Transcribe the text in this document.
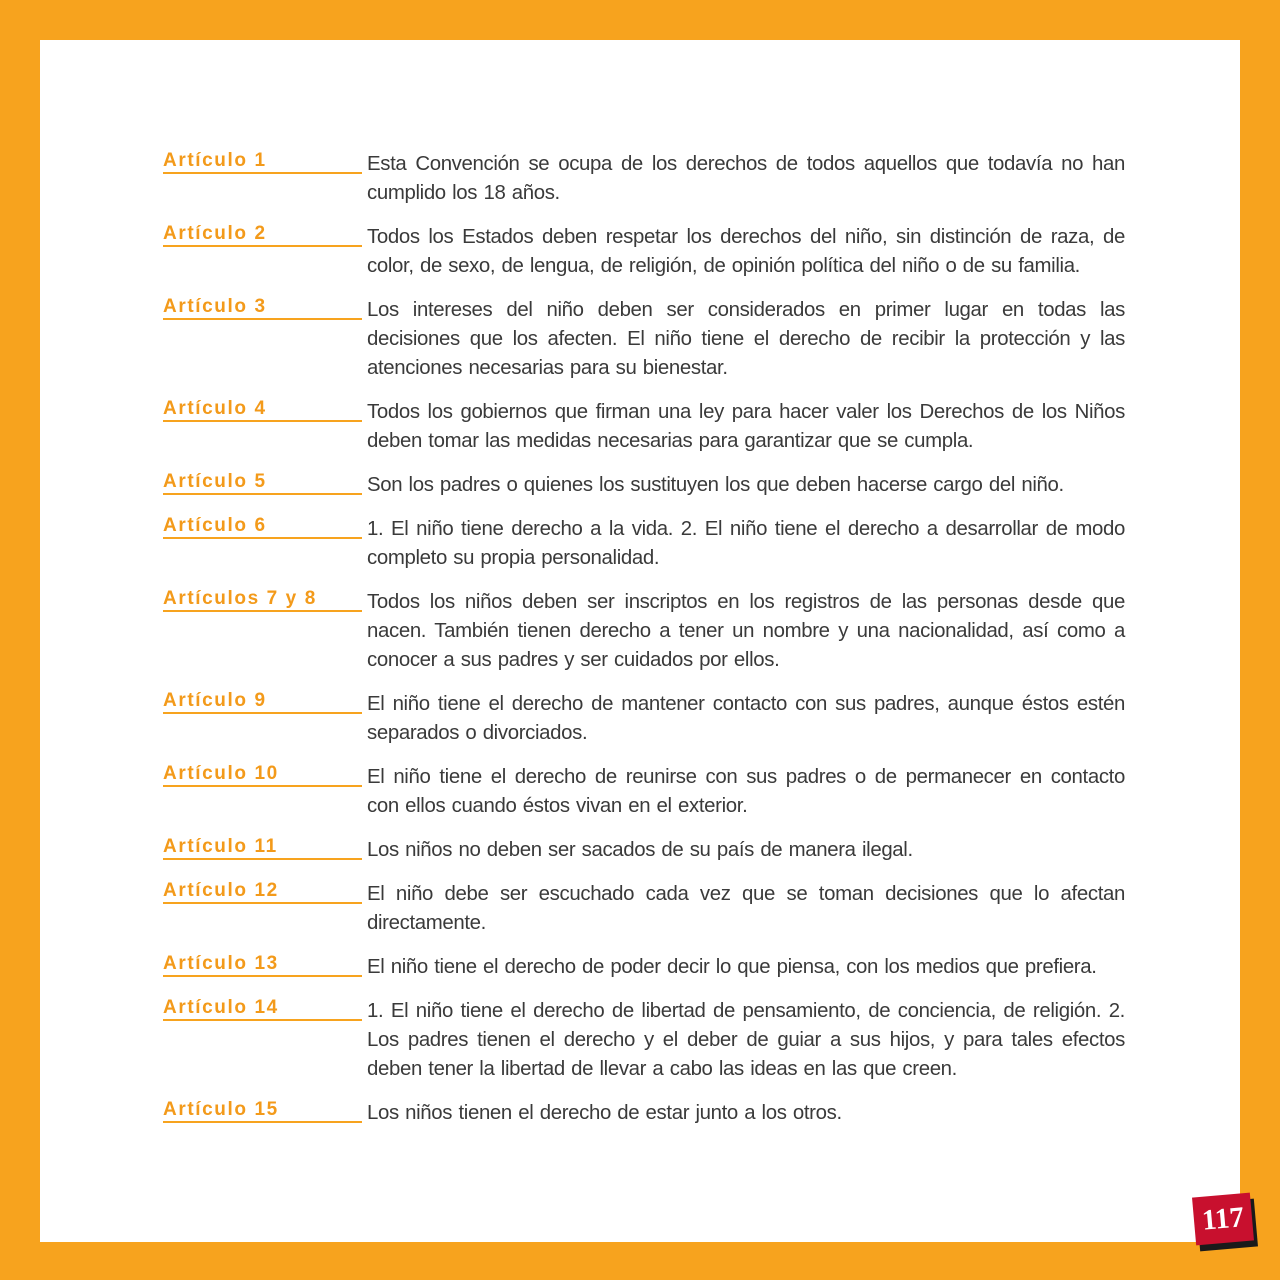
Artículo 1	Esta Convención se ocupa de los derechos de todos aquellos que todavía no han cumplido los 18 años.
Artículo 2	Todos los Estados deben respetar los derechos del niño, sin distinción de raza, de color, de sexo, de lengua, de religión, de opinión política del niño o de su familia.
Artículo 3	Los intereses del niño deben ser considerados en primer lugar en todas las decisiones que los afecten. El niño tiene el derecho de recibir la protección y las atenciones necesarias para su bienestar.
Artículo 4	Todos los gobiernos que firman una ley para hacer valer los Derechos de los Niños deben tomar las medidas necesarias para garantizar que se cumpla.
Artículo 5	Son los padres o quienes los sustituyen los que deben hacerse cargo del niño.
Artículo 6	1. El niño tiene derecho a la vida. 2. El niño tiene el derecho a desarrollar de modo completo su propia personalidad.
Artículos 7 y 8	Todos los niños deben ser inscriptos en los registros de las personas desde que nacen. También tienen derecho a tener un nombre y una nacionalidad, así como a conocer a sus padres y ser cuidados por ellos.
Artículo 9	El niño tiene el derecho de mantener contacto con sus padres, aunque éstos estén separados o divorciados.
Artículo 10	El niño tiene el derecho de reunirse con sus padres o de permanecer en contacto con ellos cuando éstos vivan en el exterior.
Artículo 11	Los niños no deben ser sacados de su país de manera ilegal.
Artículo 12	El niño debe ser escuchado cada vez que se toman decisiones que lo afectan directamente.
Artículo 13	El niño tiene el derecho de poder decir lo que piensa, con los medios que prefiera.
Artículo 14	1. El niño tiene el derecho de libertad de pensamiento, de conciencia, de religión. 2. Los padres tienen el derecho y el deber de guiar a sus hijos, y para tales efectos deben tener la libertad de llevar a cabo las ideas en las que creen.
Artículo 15	Los niños tienen el derecho de estar junto a los otros.
117
